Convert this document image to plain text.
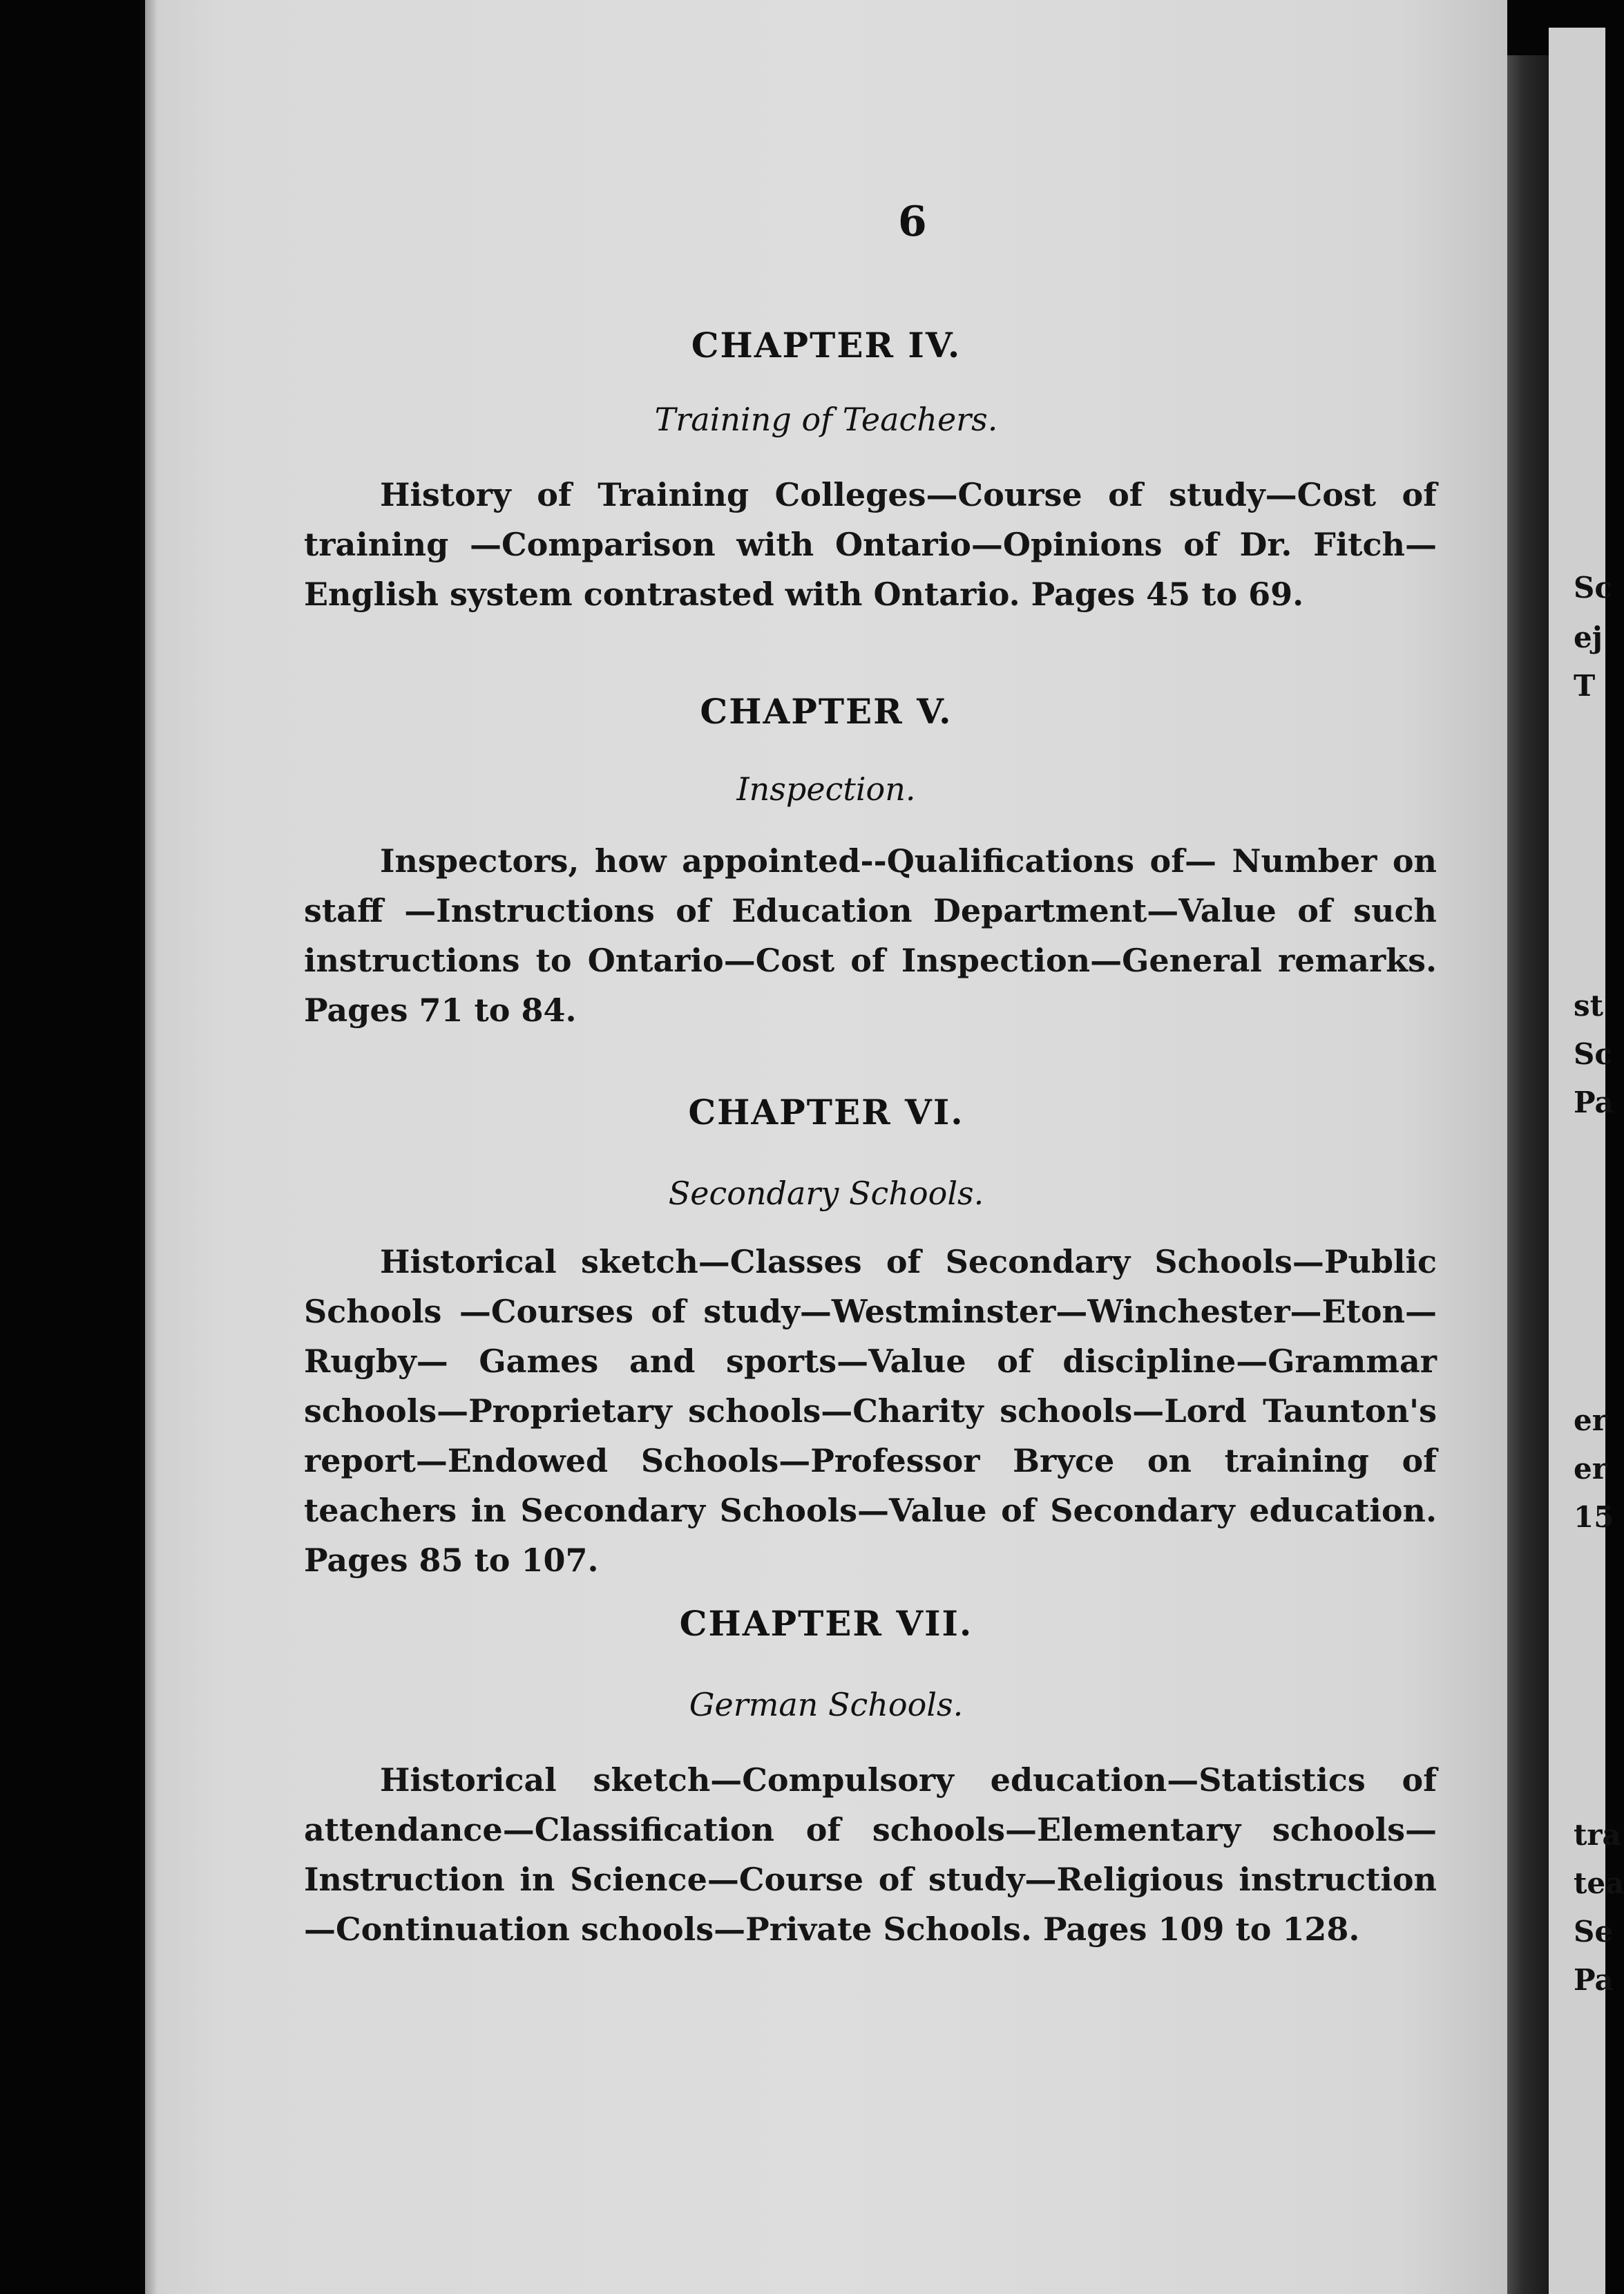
6
CHAPTER IV.
Training of Teachers.
History of Training Colleges—Course of study—Cost of training —Comparison with Ontario—Opinions of Dr. Fitch—English system contrasted with Ontario. Pages 45 to 69.
CHAPTER V.
Inspection.
Inspectors, how appointed--Qualifications of— Number on staff —Instructions of Education Department—Value of such instructions to Ontario—Cost of Inspection—General remarks. Pages 71 to 84.
CHAPTER VI.
Secondary Schools.
Historical sketch—Classes of Secondary Schools—Public Schools —Courses of study—Westminster—Winchester—Eton—Rugby— Games and sports—Value of discipline—Grammar schools—Proprietary schools—Charity schools—Lord Taunton's report—Endowed Schools—Professor Bryce on training of teachers in Secondary Schools—Value of Secondary education. Pages 85 to 107.
CHAPTER VII.
German Schools.
Historical sketch—Compulsory education—Statistics of attendance—Classification of schools—Elementary schools—Instruction in Science—Course of study—Religious instruction—Continuation schools—Private Schools. Pages 109 to 128.
Sc
ej
T
st
Sc
Pa
er
er
15
tra
tea
Se
Pa
